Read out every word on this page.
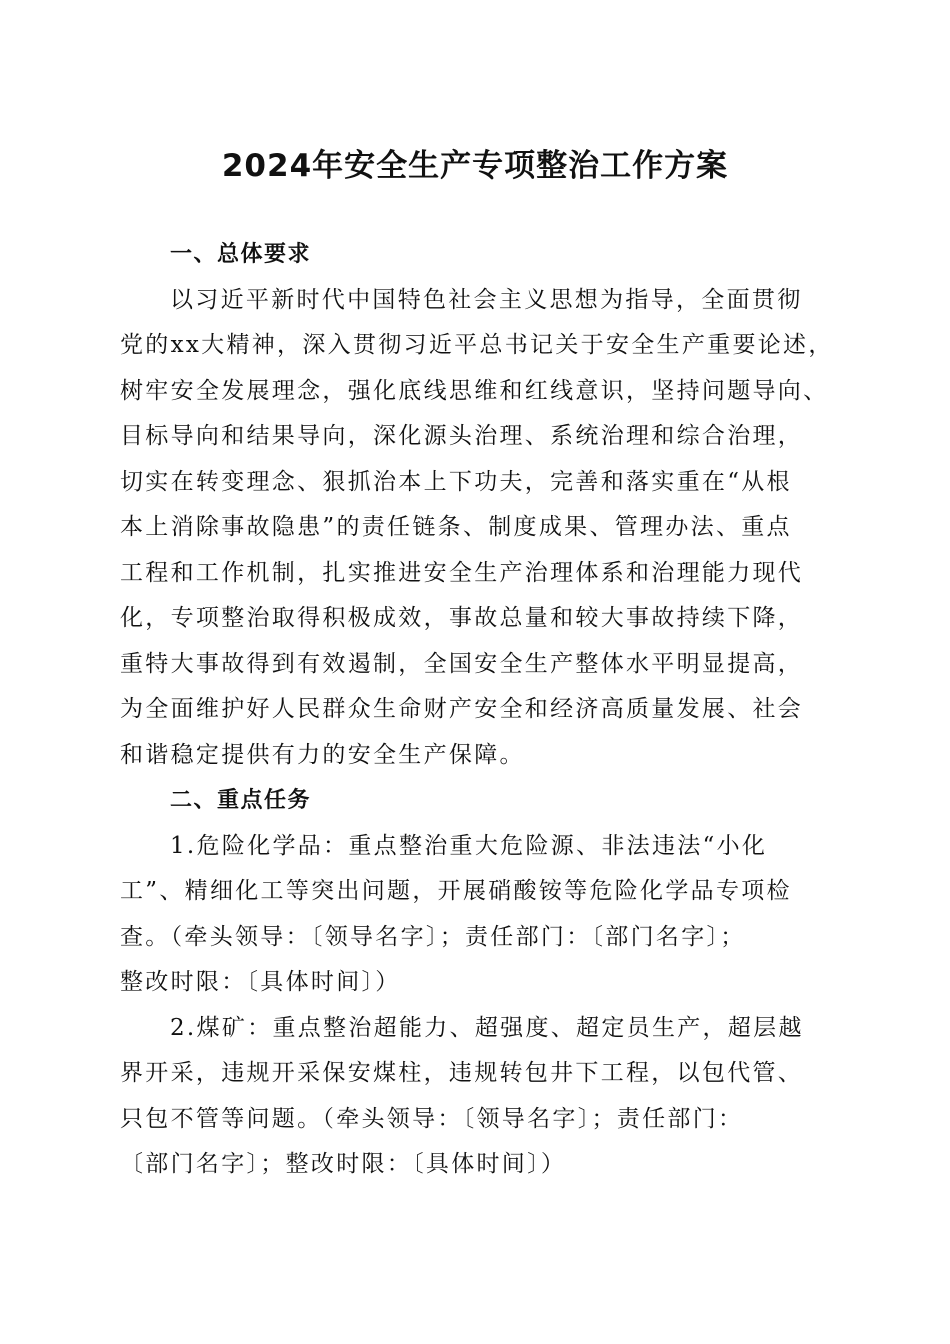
2024年安全生产专项整治工作方案
一、总体要求
以习近平新时代中国特色社会主义思想为指导，全面贯彻
党的xx大精神，深入贯彻习近平总书记关于安全生产重要论述，
树牢安全发展理念，强化底线思维和红线意识，坚持问题导向、
目标导向和结果导向，深化源头治理、系统治理和综合治理，
切实在转变理念、狠抓治本上下功夫，完善和落实重在“从根
本上消除事故隐患”的责任链条、制度成果、管理办法、重点
工程和工作机制，扎实推进安全生产治理体系和治理能力现代
化，专项整治取得积极成效，事故总量和较大事故持续下降，
重特大事故得到有效遏制，全国安全生产整体水平明显提高，
为全面维护好人民群众生命财产安全和经济高质量发展、社会
和谐稳定提供有力的安全生产保障。
二、重点任务
1.危险化学品：重点整治重大危险源、非法违法“小化
工”、精细化工等突出问题，开展硝酸铵等危险化学品专项检
查。（牵头领导：〔领导名字〕；责任部门：〔部门名字〕；
整改时限：〔具体时间〕）
2.煤矿：重点整治超能力、超强度、超定员生产，超层越
界开采，违规开采保安煤柱，违规转包井下工程，以包代管、
只包不管等问题。（牵头领导：〔领导名字〕；责任部门：
〔部门名字〕；整改时限：〔具体时间〕）
